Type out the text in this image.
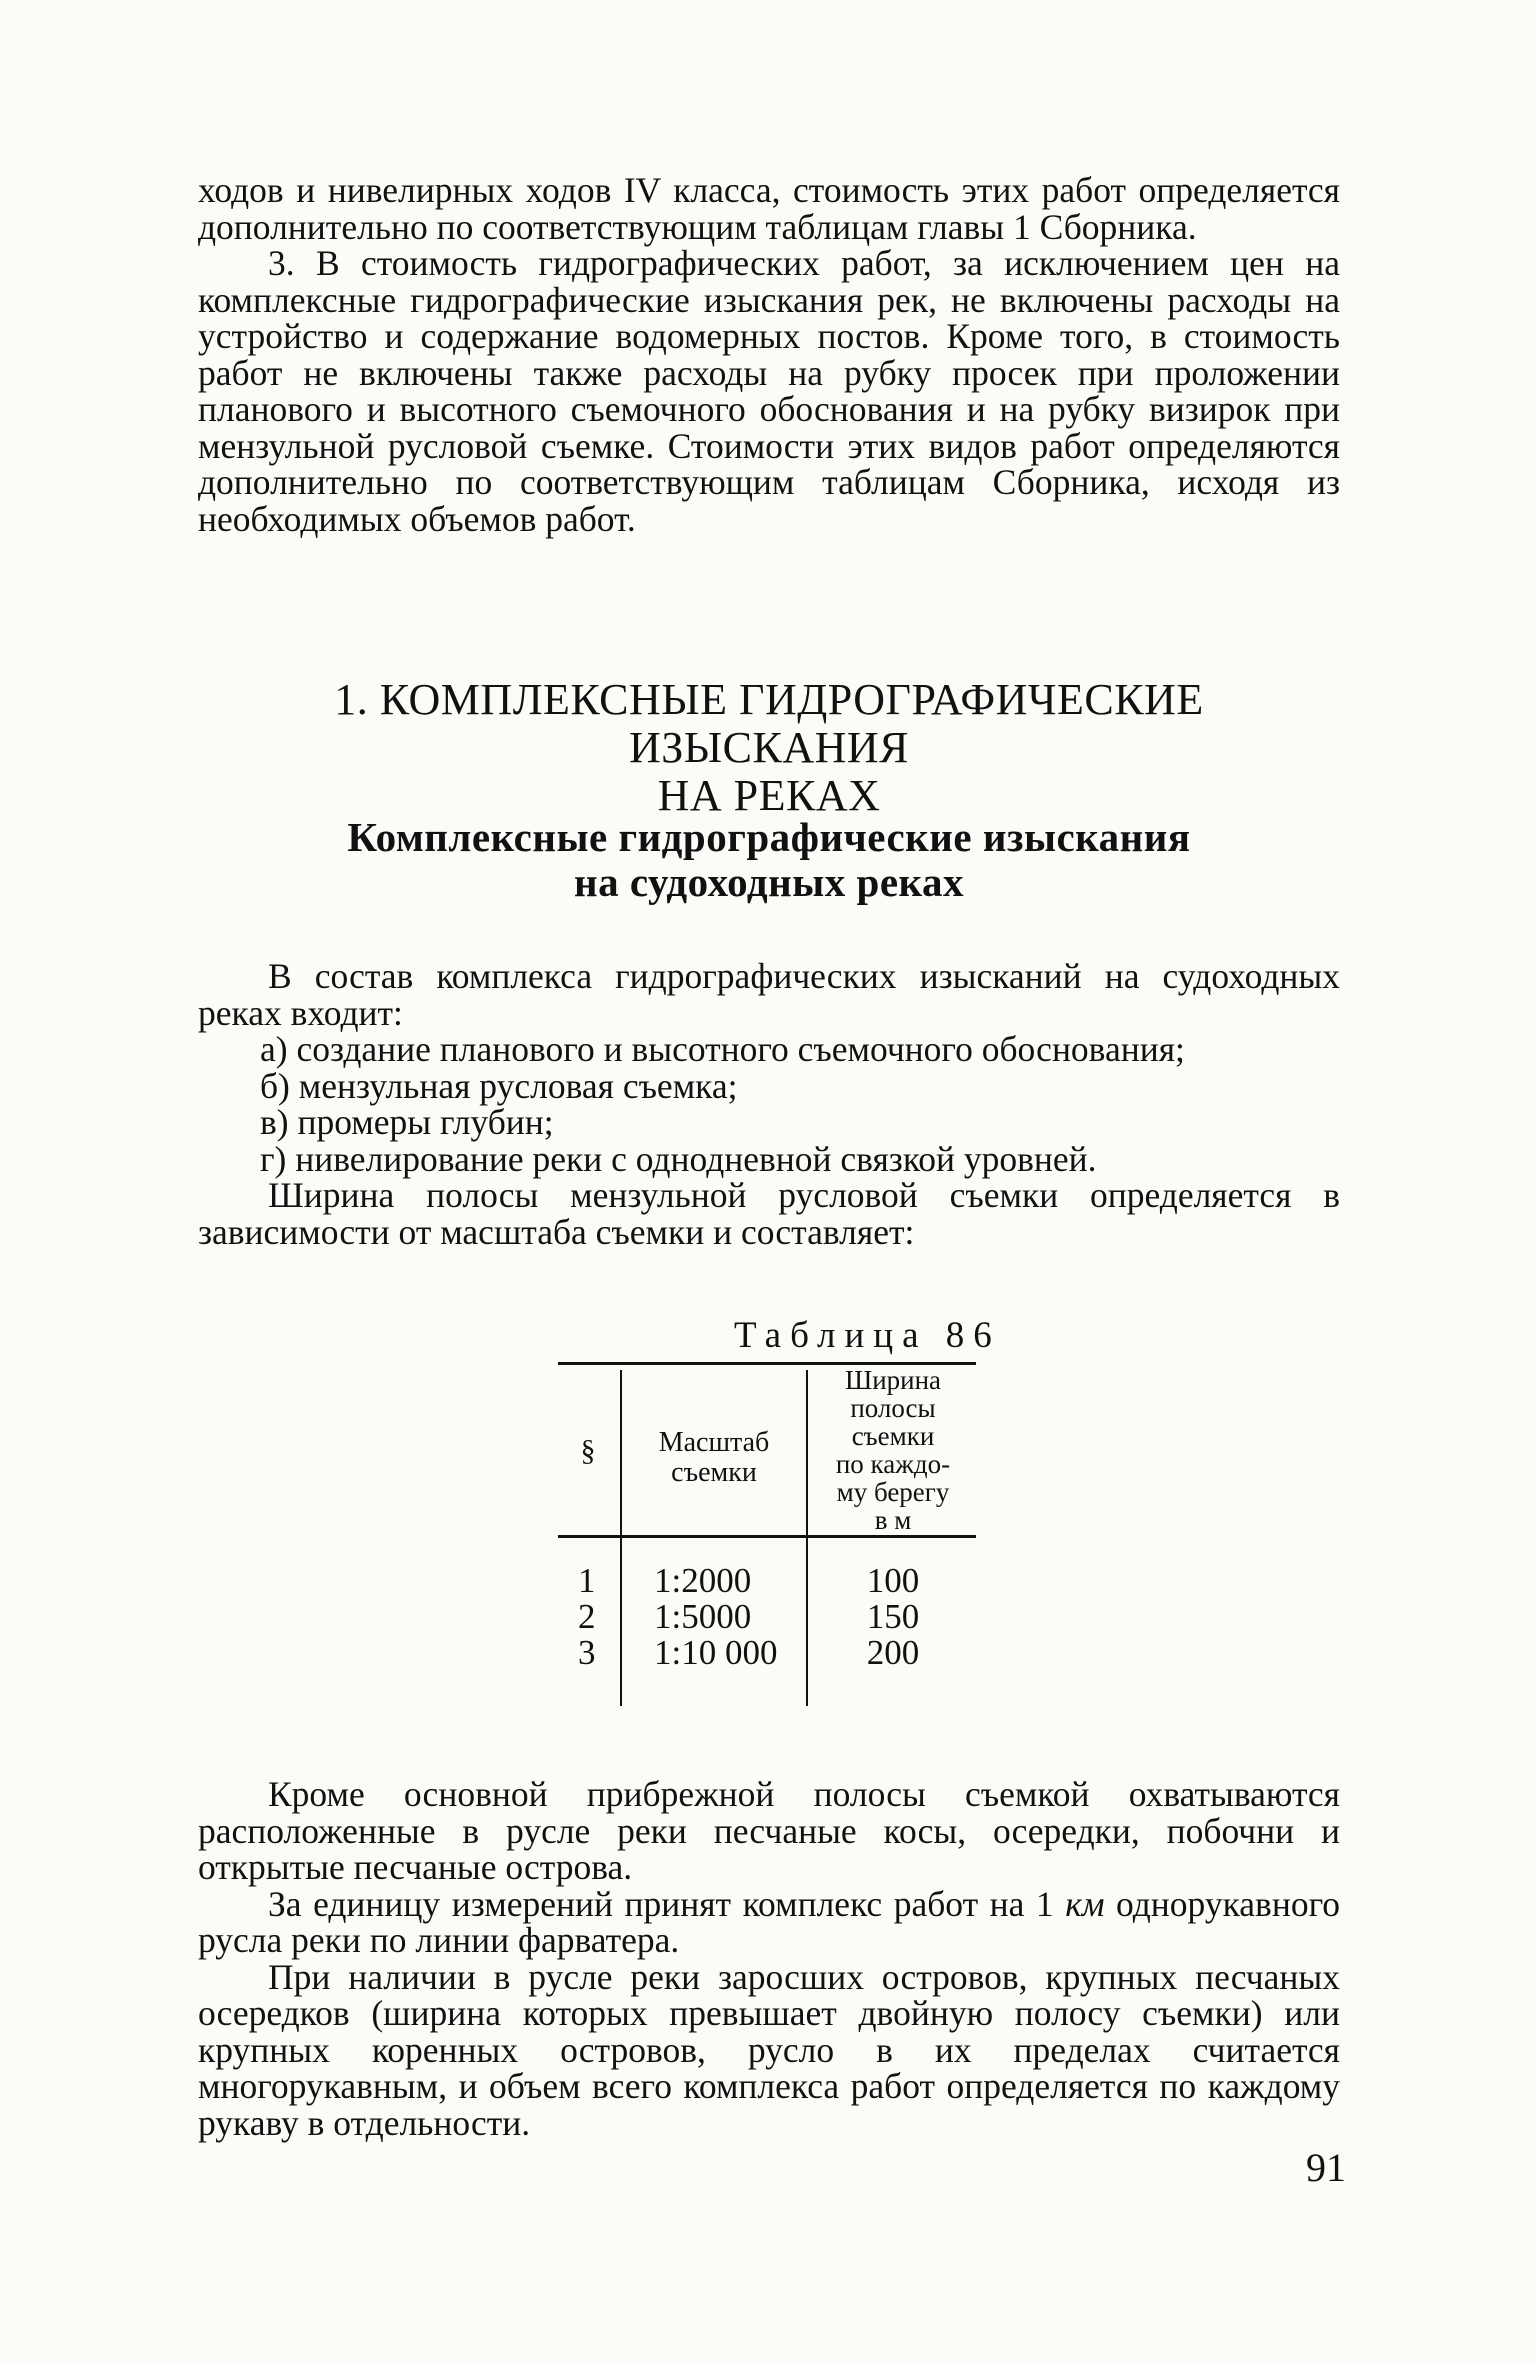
ходов и нивелирных ходов IV класса, стоимость этих работ определяется дополнительно по соответствующим таблицам главы 1 Сборника.

3. В стоимость гидрографических работ, за исключением цен на комплексные гидрографические изыскания рек, не включены расходы на устройство и содержание водомерных постов. Кроме того, в стоимость работ не включены также расходы на рубку просек при проложении планового и высотного съемочного обоснования и на рубку визирок при мензульной русловой съемке. Стоимости этих видов работ определяются дополнительно по соответствующим таблицам Сборника, исходя из необходимых объемов работ.

1. КОМПЛЕКСНЫЕ ГИДРОГРАФИЧЕСКИЕ ИЗЫСКАНИЯ
НА РЕКАХ
Комплексные гидрографические изыскания
на судоходных реках

В состав комплекса гидрографических изысканий на судоходных реках входит:

а) создание планового и высотного съемочного обоснования;

б) мензульная русловая съемка;

в) промеры глубин;

г) нивелирование реки с однодневной связкой уровней.

Ширина полосы мензульной русловой съемки определяется в зависимости от масштаба съемки и составляет:

Таблица 86
§	Масштаб
съемки
Ширина
полосы
съемки
по каждо-
му берегу
в м
1
2
3
1:2000
1:5000
1:10 000
100
150
200

Кроме основной прибрежной полосы съемкой охватываются расположенные в русле реки песчаные косы, осередки, побочни и открытые песчаные острова.

За единицу измерений принят комплекс работ на 1 км однорукавного русла реки по линии фарватера.

При наличии в русле реки заросших островов, крупных песчаных осередков (ширина которых превышает двойную полосу съемки) или крупных коренных островов, русло в их пределах считается многорукавным, и объем всего комплекса работ определяется по каждому рукаву в отдельности.

91
